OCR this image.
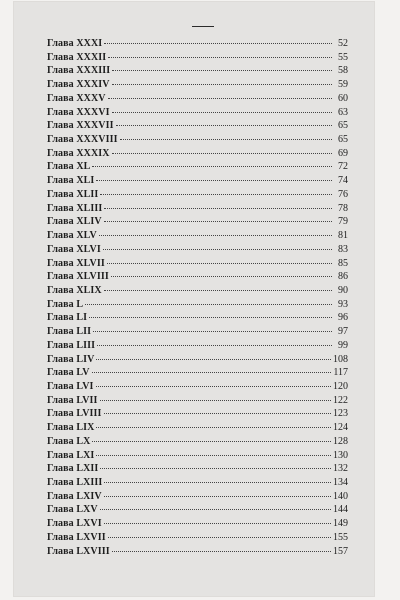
Глава XXXI	52
Глава XXXII	55
Глава XXXIII	58
Глава XXXIV	59
Глава XXXV	60
Глава XXXVI	63
Глава XXXVII	65
Глава XXXVIII	65
Глава XXXIX	69
Глава XL	72
Глава XLI	74
Глава XLII	76
Глава XLIII	78
Глава XLIV	79
Глава XLV	81
Глава XLVI	83
Глава XLVII	85
Глава XLVIII	86
Глава XLIX	90
Глава L	93
Глава LI	96
Глава LII	97
Глава LIII	99
Глава LIV	108
Глава LV	117
Глава LVI	120
Глава LVII	122
Глава LVIII	123
Глава LIX	124
Глава LX	128
Глава LXI	130
Глава LXII	132
Глава LXIII	134
Глава LXIV	140
Глава LXV	144
Глава LXVI	149
Глава LXVII	155
Глава LXVIII	157
